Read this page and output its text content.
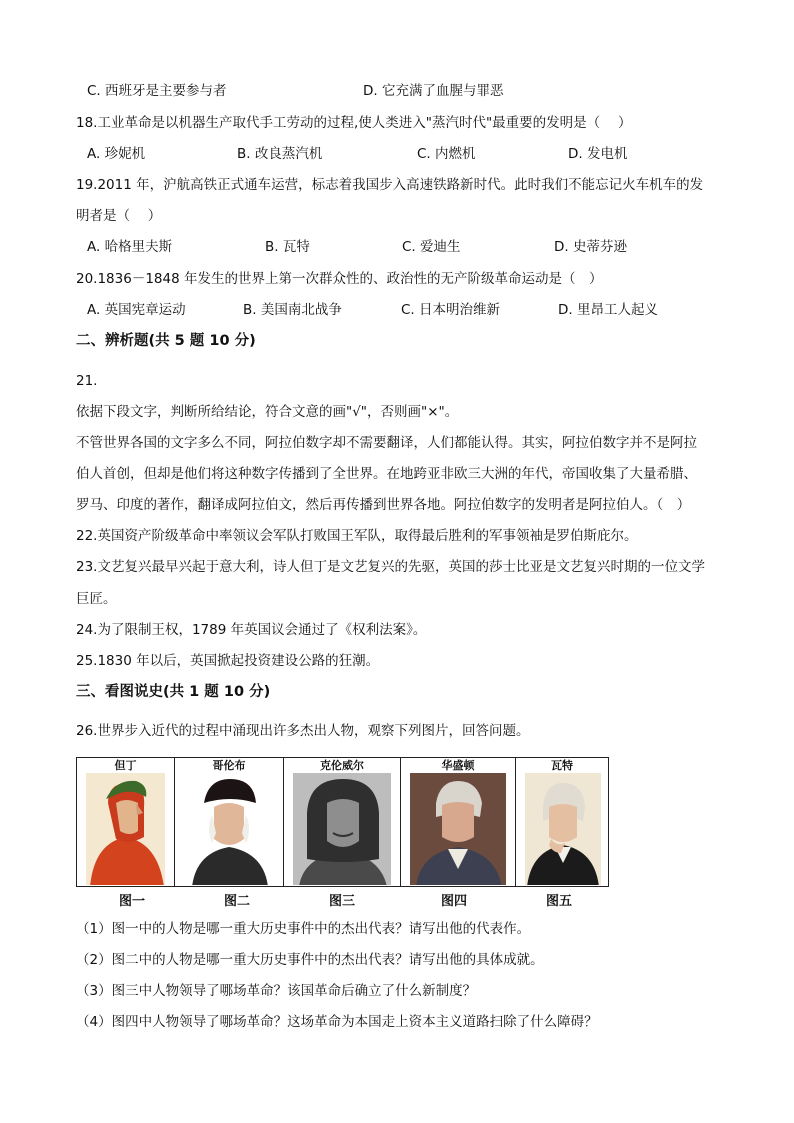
C. 西班牙是主要参与者	D. 它充满了血腥与罪恶
18.工业革命是以机器生产取代手工劳动的过程,使人类进入"蒸汽时代"最重要的发明是（　 ）
A. 珍妮机	B. 改良蒸汽机	C. 内燃机	D. 发电机
19.2011 年，沪航高铁正式通车运营，标志着我国步入高速铁路新时代。此时我们不能忘记火车机车的发
明者是（　 ）
A. 哈格里夫斯	B. 瓦特	C. 爱迪生	D. 史蒂芬逊
20.1836－1848 年发生的世界上第一次群众性的、政治性的无产阶级革命运动是（　）
A. 英国宪章运动	B. 美国南北战争	C. 日本明治维新	D. 里昂工人起义
二、辨析题(共 5 题 10 分)
21.
依据下段文字，判断所给结论，符合文意的画"√"，否则画"×"。
不管世界各国的文字多么不同，阿拉伯数字却不需要翻译，人们都能认得。其实，阿拉伯数字并不是阿拉
伯人首创，但却是他们将这种数字传播到了全世界。在地跨亚非欧三大洲的年代，帝国收集了大量希腊、
罗马、印度的著作，翻译成阿拉伯文，然后再传播到世界各地。阿拉伯数字的发明者是阿拉伯人。（　）
22.英国资产阶级革命中率领议会军队打败国王军队，取得最后胜利的军事领袖是罗伯斯庇尔。
23.文艺复兴最早兴起于意大利，诗人但丁是文艺复兴的先驱，英国的莎士比亚是文艺复兴时期的一位文学
巨匠。
24.为了限制王权，1789 年英国议会通过了《权利法案》。
25.1830 年以后，英国掀起投资建设公路的狂潮。
三、看图说史(共 1 题 10 分)
26.世界步入近代的过程中涌现出许多杰出人物，观察下列图片，回答问题。
但丁	哥伦布	克伦威尔	华盛顿	瓦特
图一	图二	图三	图四	图五
（1）图一中的人物是哪一重大历史事件中的杰出代表？请写出他的代表作。
（2）图二中的人物是哪一重大历史事件中的杰出代表？请写出他的具体成就。
（3）图三中人物领导了哪场革命？该国革命后确立了什么新制度？
（4）图四中人物领导了哪场革命？这场革命为本国走上资本主义道路扫除了什么障碍？
